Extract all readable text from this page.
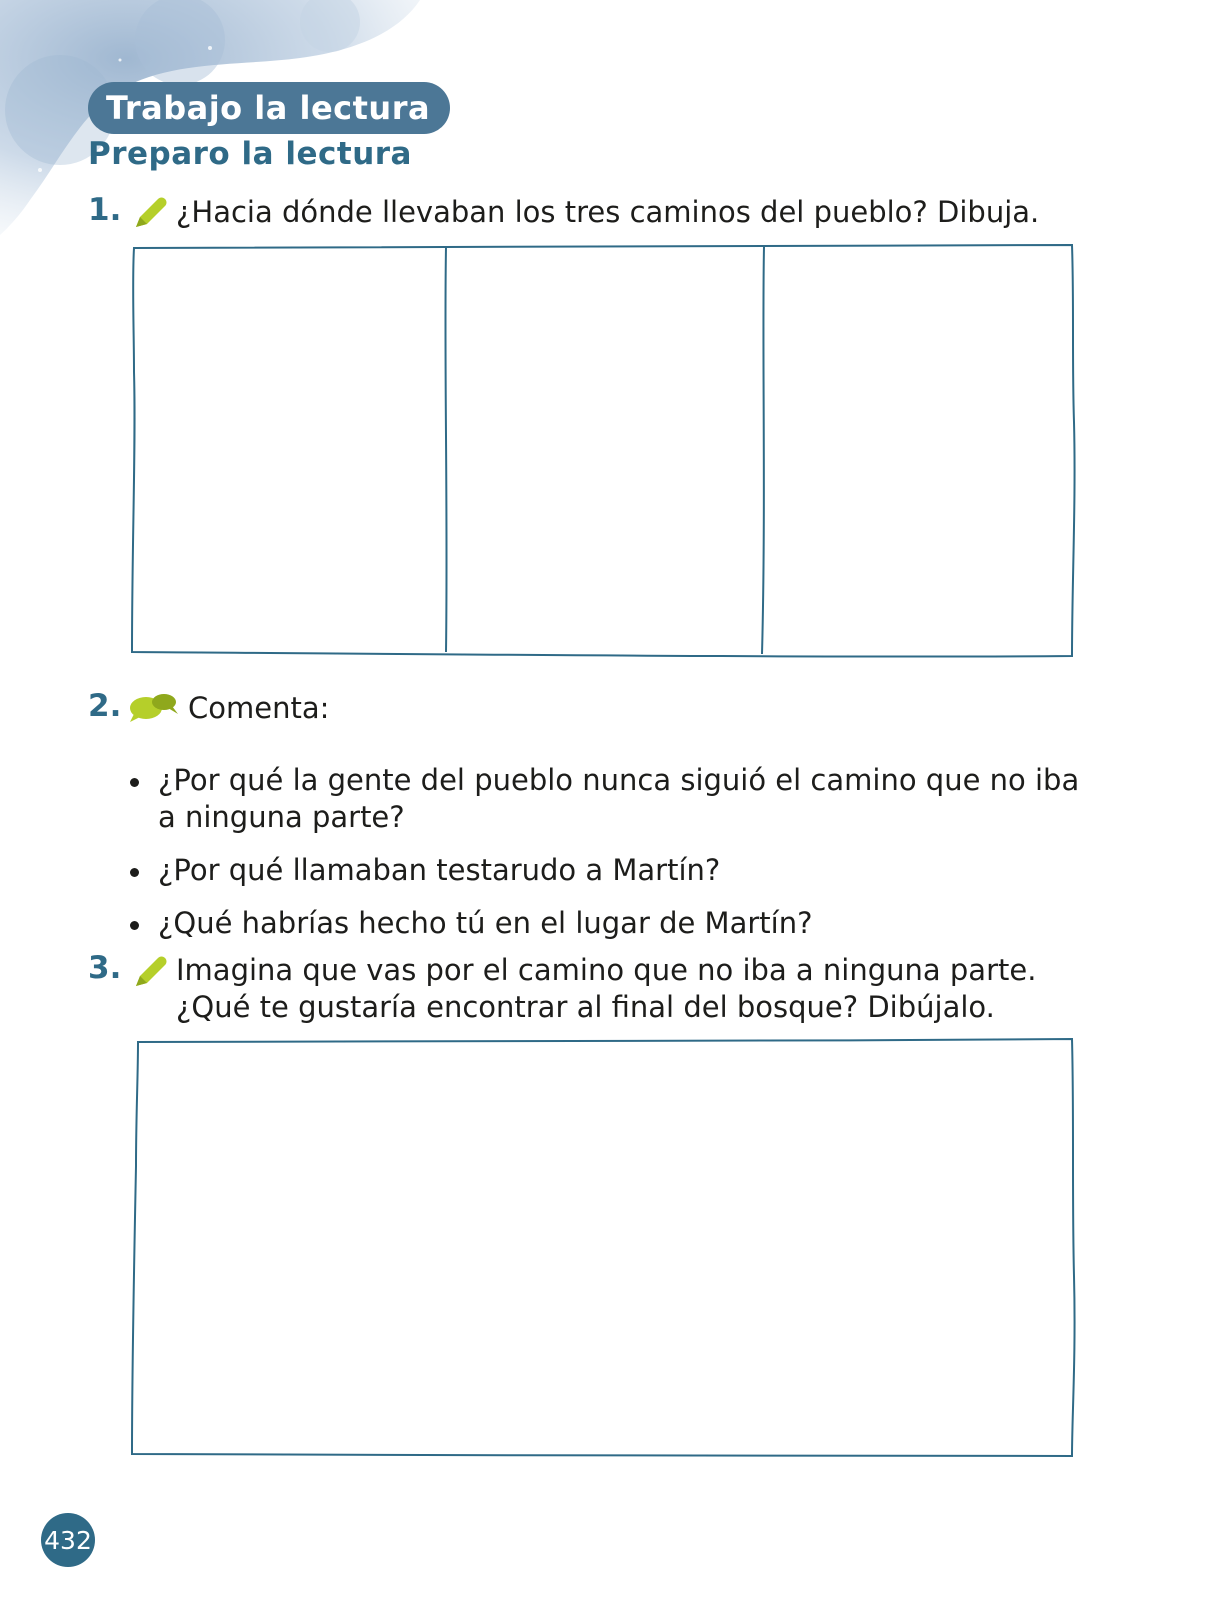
Trabajo la lectura
Preparo la lectura
1. ¿Hacia dónde llevaban los tres caminos del pueblo? Dibuja.
2. Comenta:
¿Por qué la gente del pueblo nunca siguió el camino que no iba a ninguna parte?
¿Por qué llamaban testarudo a Martín?
¿Qué habrías hecho tú en el lugar de Martín?
3. Imagina que vas por el camino que no iba a ninguna parte.
¿Qué te gustaría encontrar al final del bosque? Dibújalo.
432
